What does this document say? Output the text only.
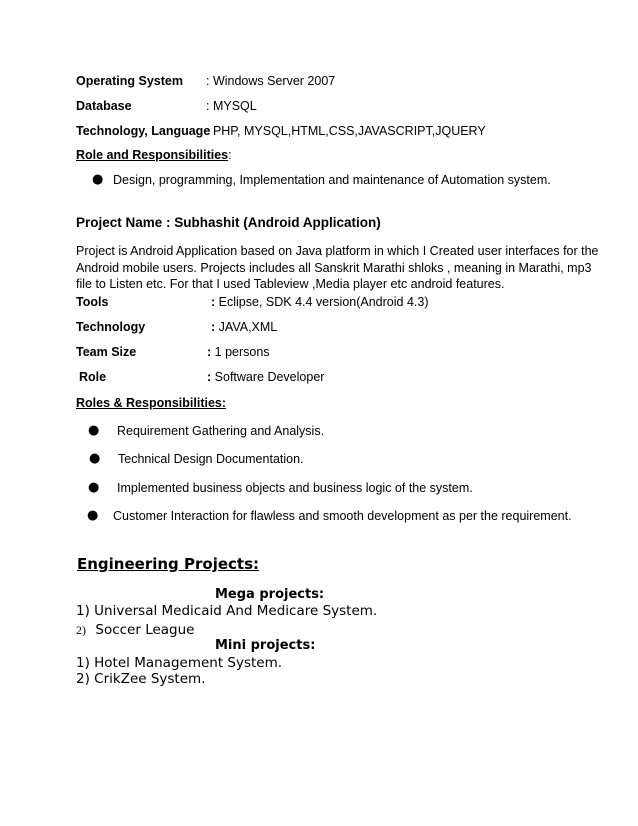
Operating System : Windows Server 2007
Database	: MYSQL
Technology, Language
: PHP, MYSQL,HTML,CSS,JAVASCRIPT,JQUERY
Role and Responsibilities:
● Design, programming, Implementation and maintenance of Automation system.
Project Name : Subhashit (Android Application)
Project is Android Application based on Java platform in which I Created user interfaces for the
Android mobile users. Projects includes all Sanskrit Marathi shloks , meaning in Marathi, mp3
file to Listen etc. For that I used Tableview ,Media player etc android features.
Tools	: Eclipse, SDK 4.4 version(Android 4.3)
Technology	: JAVA,XML
Team Size	: 1 persons
Role	: Software Developer
Roles & Responsibilities:
● Requirement Gathering and Analysis.
● Technical Design Documentation.
● Implemented business objects and business logic of the system.
● Customer Interaction for flawless and smooth development as per the requirement.
Engineering Projects:
Mega projects:
1) Universal Medicaid And Medicare System.
2) Soccer League
Mini projects:
1) Hotel Management System.
2) CrikZee System.
